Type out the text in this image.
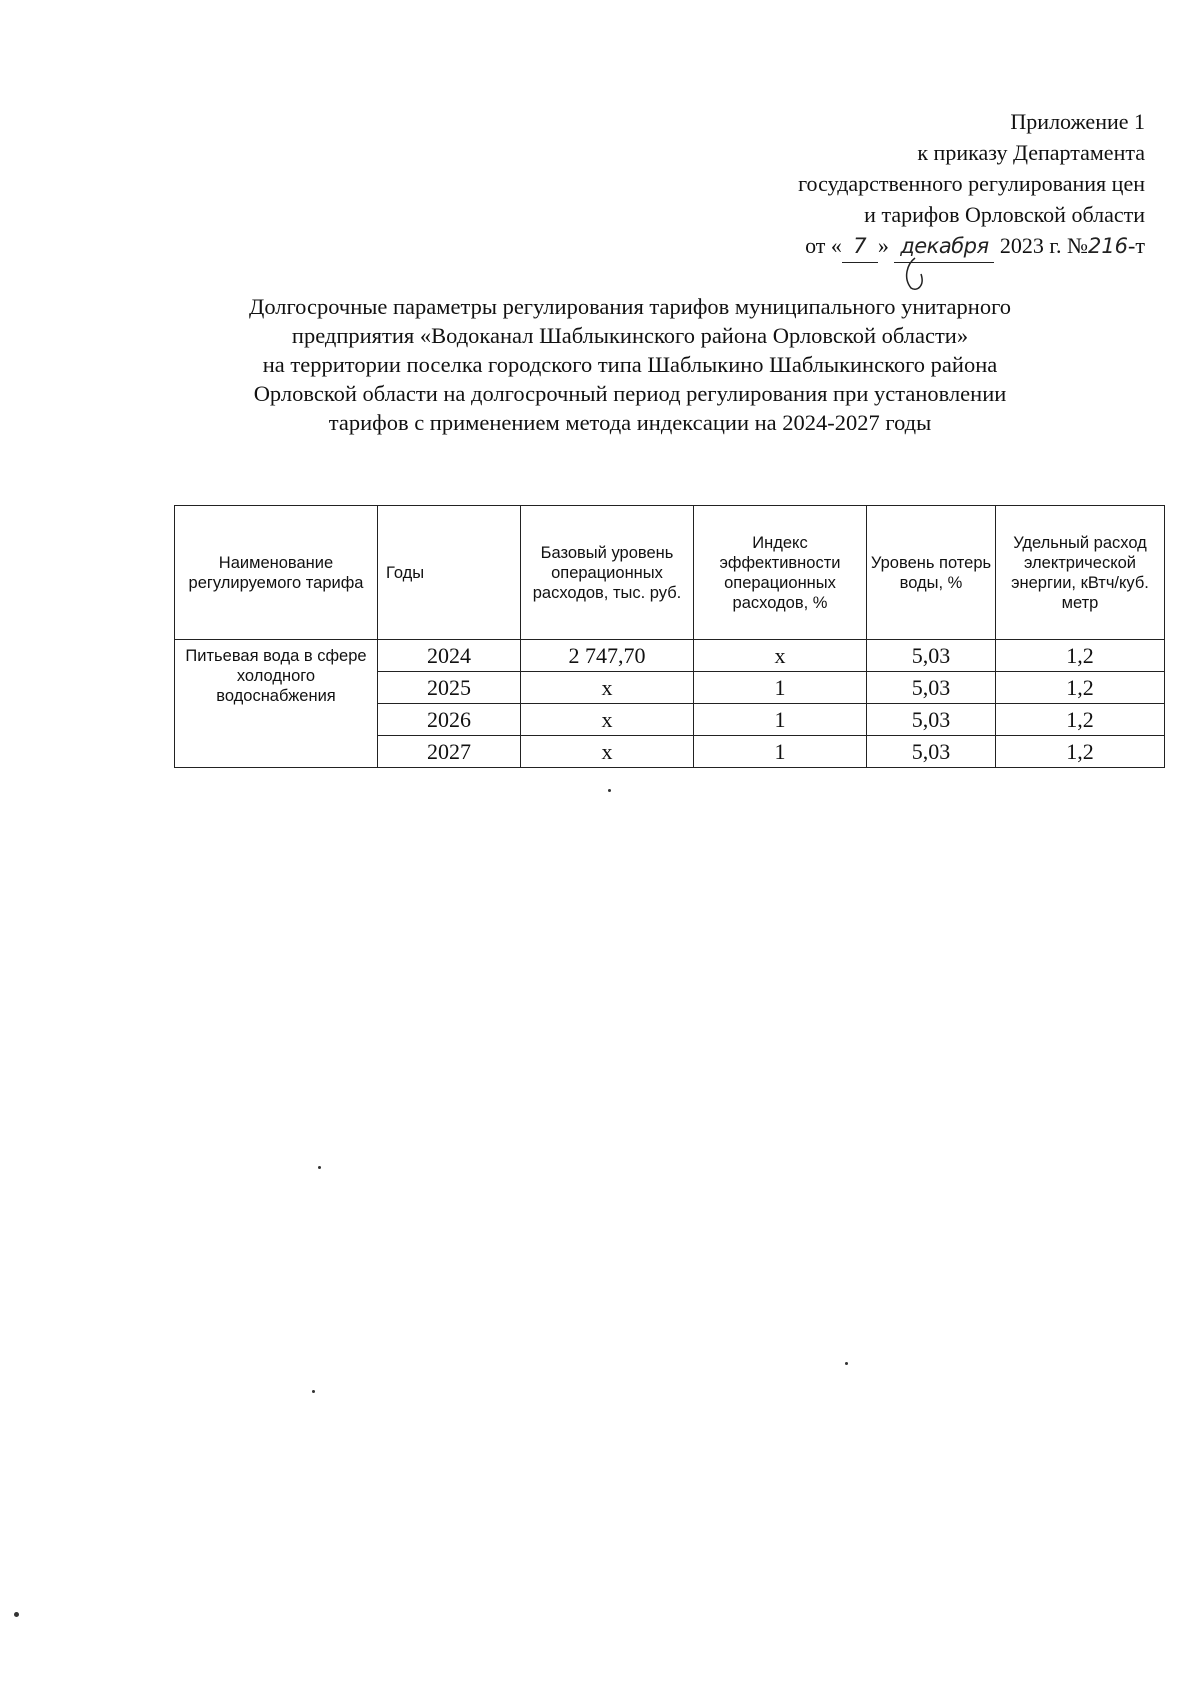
Приложение 1
к приказу Департамента
государственного регулирования цен
и тарифов Орловской области
от « 7 » декабря 2023 г. №216-т
Долгосрочные параметры регулирования тарифов муниципального унитарного
предприятия «Водоканал Шаблыкинского района Орловской области»
на территории поселка городского типа Шаблыкино Шаблыкинского района
Орловской области на долгосрочный период регулирования при установлении
тарифов с применением метода индексации на 2024-2027 годы
Наименование регулируемого тарифа	Годы	Базовый уровень операционных расходов, тыс. руб.	Индекс эффективности операционных расходов, %	Уровень потерь воды, %	Удельный расход электрической энергии, кВтч/куб. метр
Питьевая вода в сфере холодного водоснабжения	2024	2 747,70	х	5,03	1,2
	2025	х	1	5,03	1,2
	2026	х	1	5,03	1,2
	2027	х	1	5,03	1,2
